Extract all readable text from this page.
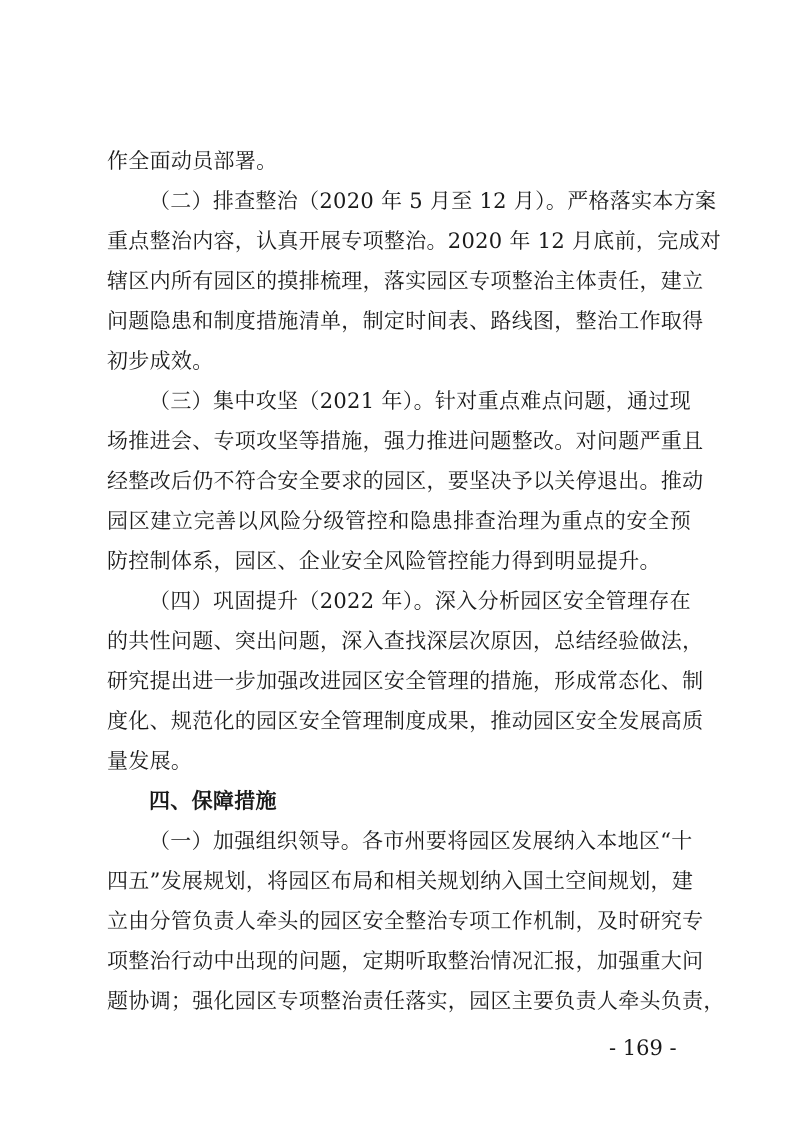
作全面动员部署。
（二）排查整治（2020 年 5 月至 12 月）。严格落实本方案
重点整治内容，认真开展专项整治。2020 年 12 月底前，完成对
辖区内所有园区的摸排梳理，落实园区专项整治主体责任，建立
问题隐患和制度措施清单，制定时间表、路线图，整治工作取得
初步成效。
（三）集中攻坚（2021 年）。针对重点难点问题，通过现
场推进会、专项攻坚等措施，强力推进问题整改。对问题严重且
经整改后仍不符合安全要求的园区，要坚决予以关停退出。推动
园区建立完善以风险分级管控和隐患排查治理为重点的安全预
防控制体系，园区、企业安全风险管控能力得到明显提升。
（四）巩固提升（2022 年）。深入分析园区安全管理存在
的共性问题、突出问题，深入查找深层次原因，总结经验做法，
研究提出进一步加强改进园区安全管理的措施，形成常态化、制
度化、规范化的园区安全管理制度成果，推动园区安全发展高质
量发展。
四、保障措施
（一）加强组织领导。各市州要将园区发展纳入本地区“十
四五”发展规划，将园区布局和相关规划纳入国土空间规划，建
立由分管负责人牵头的园区安全整治专项工作机制，及时研究专
项整治行动中出现的问题，定期听取整治情况汇报，加强重大问
题协调；强化园区专项整治责任落实，园区主要负责人牵头负责，
- 169 -
